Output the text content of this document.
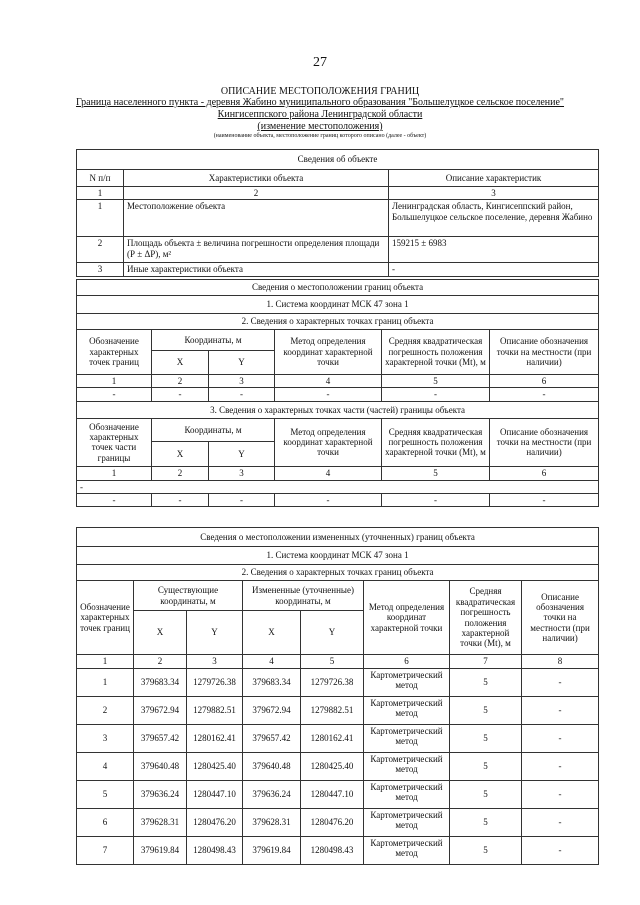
27
ОПИСАНИЕ МЕСТОПОЛОЖЕНИЯ ГРАНИЦ
Граница населенного пункта - деревня Жабино муниципального образования "Большелуцкое сельское поселение"
Кингисеппского района Ленинградской области
(изменение местоположения)
(наименование объекта, местоположение границ которого описано (далее - объект)
Сведения об объекте		
N п/п	Характеристики объекта	Описание характеристик
1	2	3
1	Местоположение объекта	Ленинградская область, Кингисеппский район, Большелуцкое сельское поселение, деревня Жабино
2	Площадь объекта ± величина погрешности определения площади (Р ± ΔР), м²	159215 ± 6983
3	Иные характеристики объекта	-
Сведения о местоположении границ объекта					
1. Система координат МСК 47 зона 1					
2. Сведения о характерных точках границ объекта					
Обозначение характерных точек границ	Координаты, м		Метод определения координат характерной точки	Средняя квадратическая погрешность положения характерной точки (Mt), м	Описание обозначения точки на местности (при наличии)
	X	Y			
1	2	3	4	5	6
-	-	-	-	-	-
3. Сведения о характерных точках части (частей) границы объекта					
Обозначение характерных точек части границы	Координаты, м		Метод определения координат характерной точки	Средняя квадратическая погрешность положения характерной точки (Mt), м	Описание обозначения точки на местности (при наличии)
	X	Y			
1	2	3	4	5	6
-					
-	-	-	-	-	-
Сведения о местоположении измененных (уточненных) границ объекта							
1. Система координат МСК 47 зона 1							
2. Сведения о характерных точках границ объекта							
Обозначение характерных точек границ	Существующие координаты, м		Измененные (уточненные) координаты, м		Метод определения координат характерной точки	Средняя квадратическая погрешность положения характерной точки (Mt), м	Описание обозначения точки на местности (при наличии)
	X	Y	X	Y			
1	2	3	4	5	6	7	8
1	379683.34	1279726.38	379683.34	1279726.38	Картометрический метод	5	-
2	379672.94	1279882.51	379672.94	1279882.51	Картометрический метод	5	-
3	379657.42	1280162.41	379657.42	1280162.41	Картометрический метод	5	-
4	379640.48	1280425.40	379640.48	1280425.40	Картометрический метод	5	-
5	379636.24	1280447.10	379636.24	1280447.10	Картометрический метод	5	-
6	379628.31	1280476.20	379628.31	1280476.20	Картометрический метод	5	-
7	379619.84	1280498.43	379619.84	1280498.43	Картометрический метод	5	-
